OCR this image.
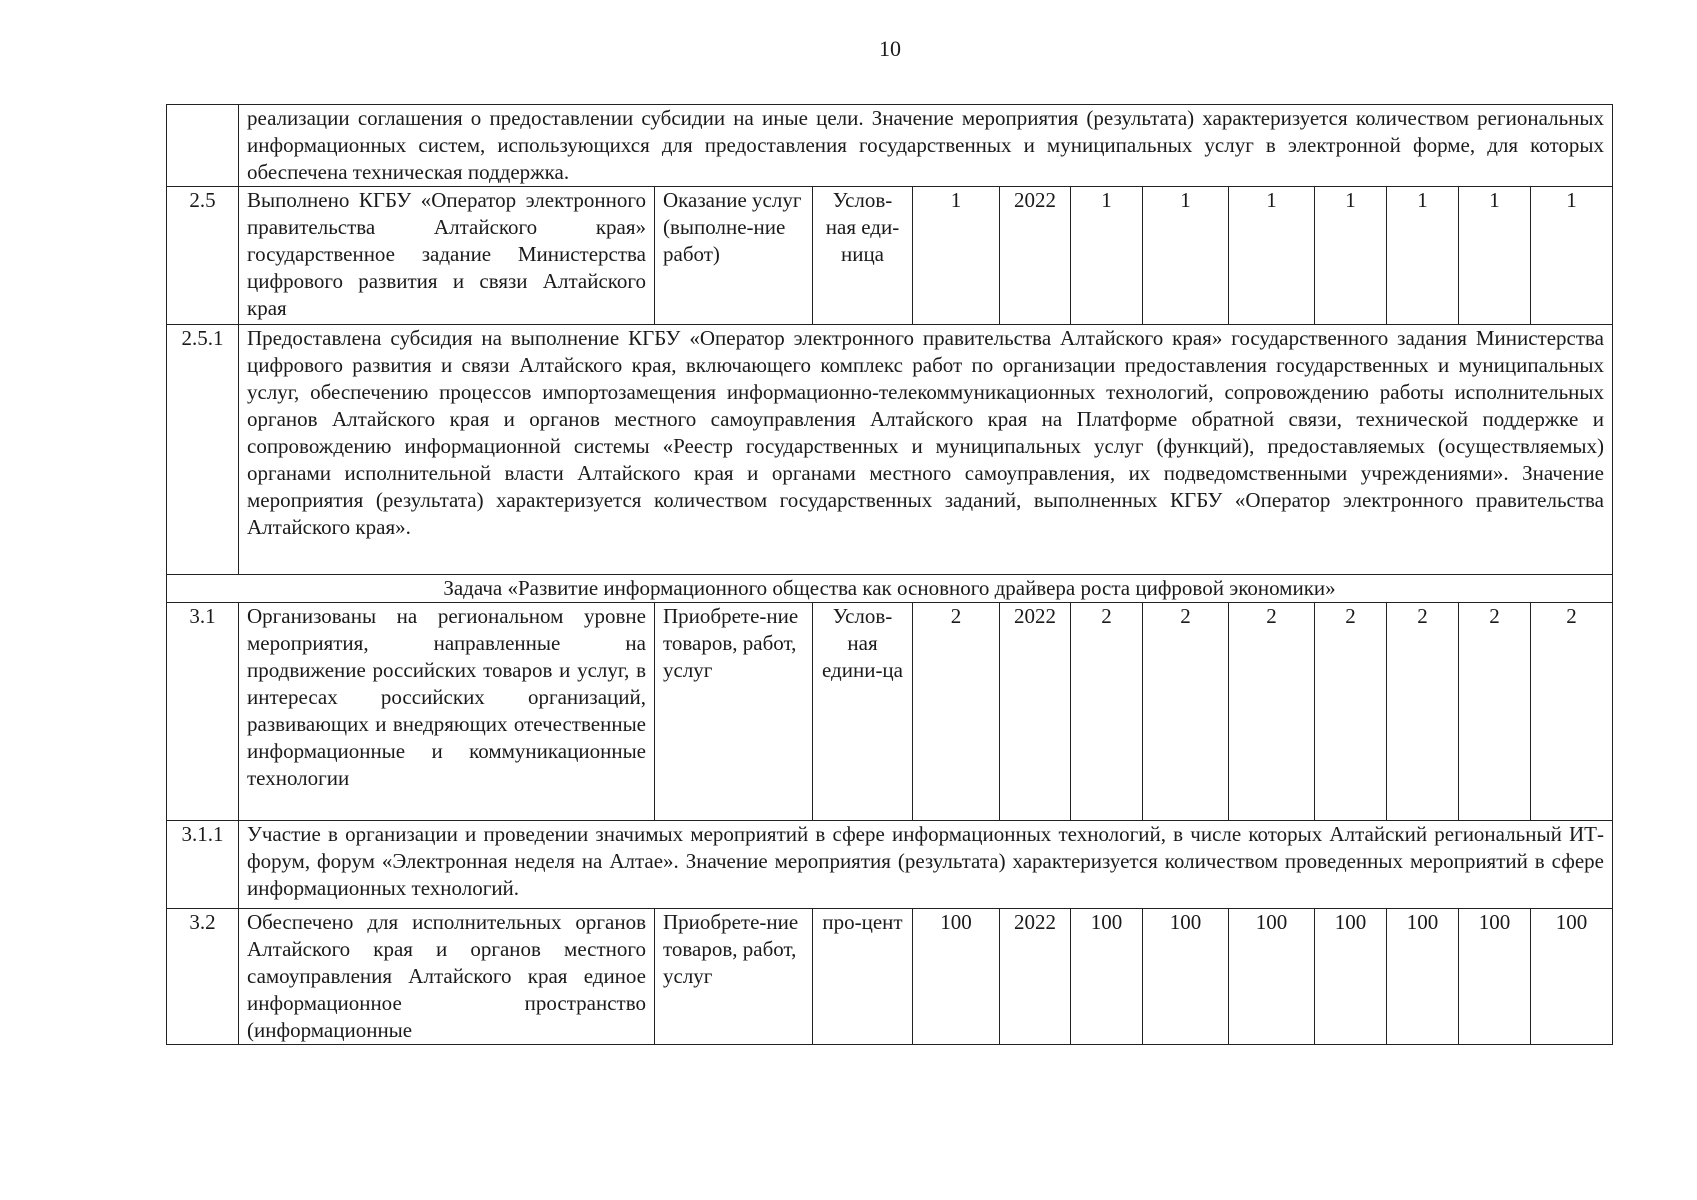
10
	реализации соглашения о предоставлении субсидии на иные цели. Значение мероприятия (результата) характеризуется количеством региональных информационных систем, использующихся для предоставления государственных и муниципальных услуг в электронной форме, для которых обеспечена техническая поддержка.											
2.5	Выполнено КГБУ «Оператор электронного правительства Алтайского края» государственное задание Министерства цифрового развития и связи Алтайского края	Оказание услуг (выполне-ние работ)	Услов-ная еди-ница	1	2022	1	1	1	1	1	1	1
2.5.1	Предоставлена субсидия на выполнение КГБУ «Оператор электронного правительства Алтайского края» государственного задания Министерства цифрового развития и связи Алтайского края, включающего комплекс работ по организации предоставления государственных и муниципальных услуг, обеспечению процессов импортозамещения информационно-телекоммуникационных технологий, сопровождению работы исполнительных органов Алтайского края и органов местного самоуправления Алтайского края на Платформе обратной связи, технической поддержке и сопровождению информационной системы «Реестр государственных и муниципальных услуг (функций), предоставляемых (осуществляемых) органами исполнительной власти Алтайского края и органами местного самоуправления, их подведомственными учреждениями». Значение мероприятия (результата) характеризуется количеством государственных заданий, выполненных КГБУ «Оператор электронного правительства Алтайского края».											
Задача «Развитие информационного общества как основного драйвера роста цифровой экономики»												
3.1	Организованы на региональном уровне мероприятия, направленные на продвижение российских товаров и услуг, в интересах российских организаций, развивающих и внедряющих отечественные информационные и коммуникационные технологии	Приобрете-ние товаров, работ, услуг	Услов-ная едини-ца	2	2022	2	2	2	2	2	2	2
3.1.1	Участие в организации и проведении значимых мероприятий в сфере информационных технологий, в числе которых Алтайский региональный ИТ-форум, форум «Электронная неделя на Алтае». Значение мероприятия (результата) характеризуется количеством проведенных мероприятий в сфере информационных технологий.											
3.2	Обеспечено для исполнительных органов Алтайского края и органов местного самоуправления Алтайского края единое информационное пространство (информационные	Приобрете-ние товаров, работ, услуг	про-цент	100	2022	100	100	100	100	100	100	100
